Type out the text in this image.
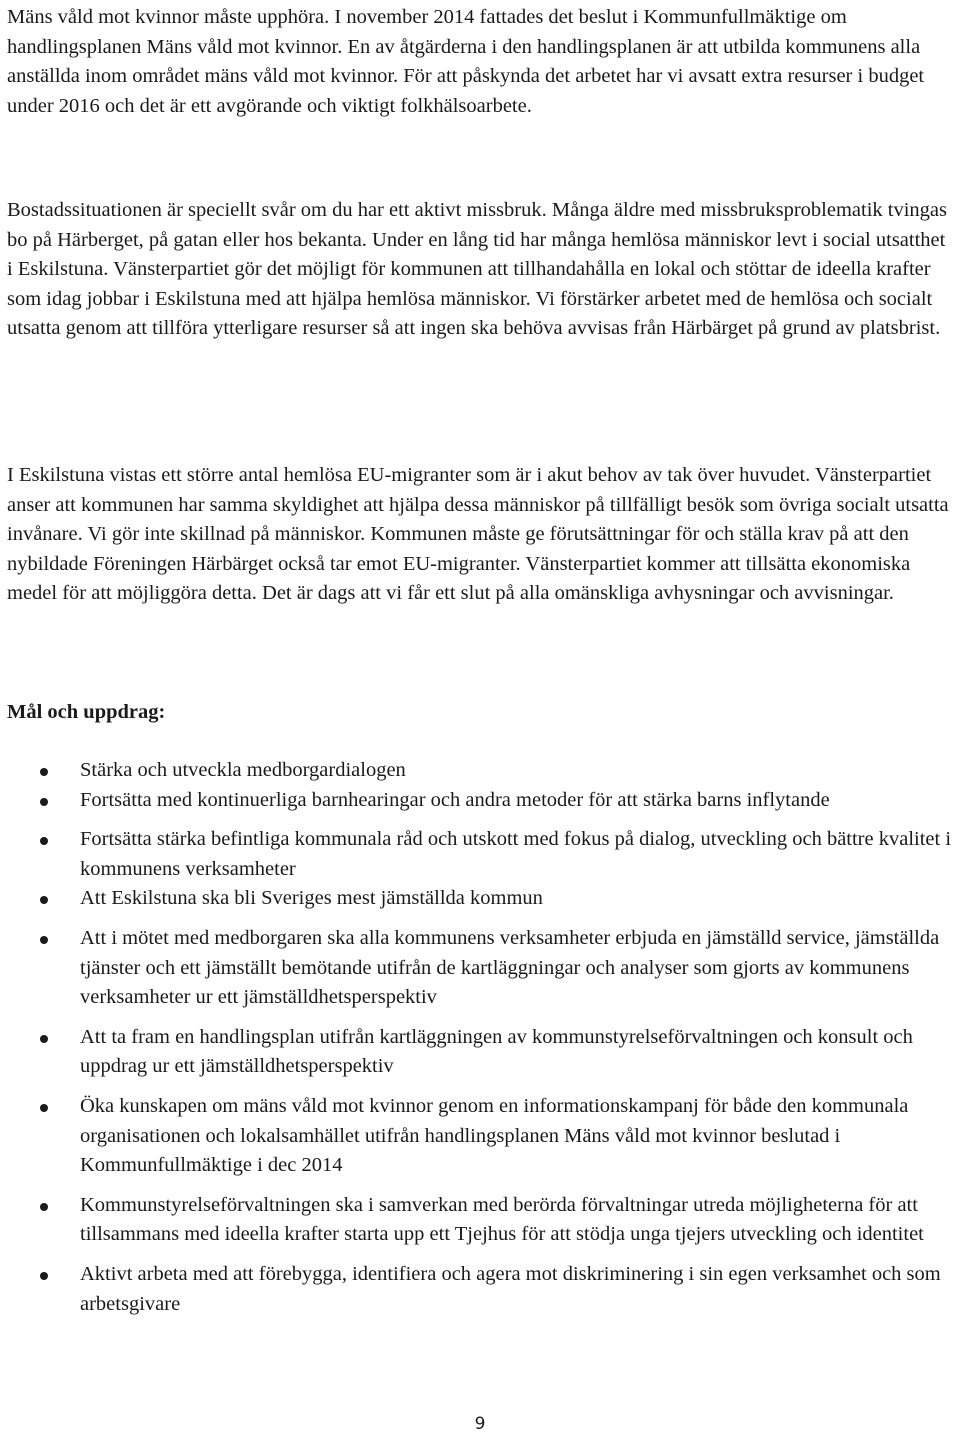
Mäns våld mot kvinnor måste upphöra. I november 2014 fattades det beslut i Kommunfullmäktige om handlingsplanen Mäns våld mot kvinnor. En av åtgärderna i den handlingsplanen är att utbilda kommunens alla anställda inom området mäns våld mot kvinnor. För att påskynda det arbetet har vi avsatt extra resurser i budget under 2016 och det är ett avgörande och viktigt folkhälsoarbete.

Bostadssituationen är speciellt svår om du har ett aktivt missbruk. Många äldre med missbruksproblematik tvingas bo på Härberget, på gatan eller hos bekanta. Under en lång tid har många hemlösa människor levt i social utsatthet i Eskilstuna. Vänsterpartiet gör det möjligt för kommunen att tillhandahålla en lokal och stöttar de ideella krafter som idag jobbar i Eskilstuna med att hjälpa hemlösa människor. Vi förstärker arbetet med de hemlösa och socialt utsatta genom att tillföra ytterligare resurser så att ingen ska behöva avvisas från Härbärget på grund av platsbrist.

I Eskilstuna vistas ett större antal hemlösa EU-migranter som är i akut behov av tak över huvudet. Vänsterpartiet anser att kommunen har samma skyldighet att hjälpa dessa människor på tillfälligt besök som övriga socialt utsatta invånare. Vi gör inte skillnad på människor. Kommunen måste ge förutsättningar för och ställa krav på att den nybildade Föreningen Härbärget också tar emot EU-migranter. Vänsterpartiet kommer att tillsätta ekonomiska medel för att möjliggöra detta. Det är dags att vi får ett slut på alla omänskliga avhysningar och avvisningar.

Mål och uppdrag:

Stärka och utveckla medborgardialogen
Fortsätta med kontinuerliga barnhearingar och andra metoder för att stärka barns inflytande
Fortsätta stärka befintliga kommunala råd och utskott med fokus på dialog, utveckling och bättre kvalitet i kommunens verksamheter
Att Eskilstuna ska bli Sveriges mest jämställda kommun
Att i mötet med medborgaren ska alla kommunens verksamheter erbjuda en jämställd service, jämställda tjänster och ett jämställt bemötande utifrån de kartläggningar och analyser som gjorts av kommunens verksamheter ur ett jämställdhetsperspektiv
Att ta fram en handlingsplan utifrån kartläggningen av kommunstyrelseförvaltningen och konsult och uppdrag ur ett jämställdhetsperspektiv
Öka kunskapen om mäns våld mot kvinnor genom en informationskampanj för både den kommunala organisationen och lokalsamhället utifrån handlingsplanen Mäns våld mot kvinnor beslutad i Kommunfullmäktige i dec 2014
Kommunstyrelseförvaltningen ska i samverkan med berörda förvaltningar utreda möjligheterna för att tillsammans med ideella krafter starta upp ett Tjejhus för att stödja unga tjejers utveckling och identitet
Aktivt arbeta med att förebygga, identifiera och agera mot diskriminering i sin egen verksamhet och som arbetsgivare
9
